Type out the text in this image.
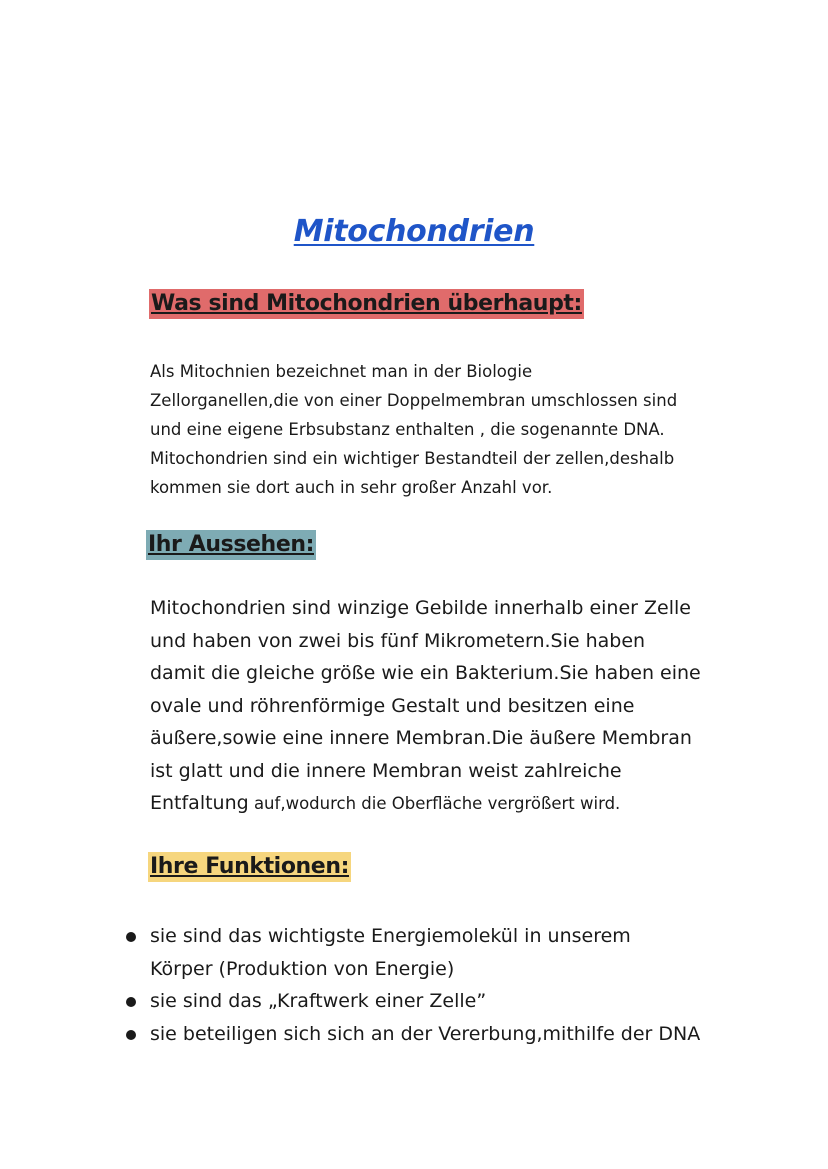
Mitochondrien
Was sind Mitochondrien überhaupt:

Als Mitochnien bezeichnet man in der Biologie
Zellorganellen,die von einer Doppelmembran umschlossen sind
und eine eigene Erbsubstanz enthalten , die sogenannte DNA.
Mitochondrien sind ein wichtiger Bestandteil der zellen,deshalb
kommen sie dort auch in sehr großer Anzahl vor.

Ihr Aussehen:

Mitochondrien sind winzige Gebilde innerhalb einer Zelle
und haben von zwei bis fünf Mikrometern.Sie haben
damit die gleiche größe wie ein Bakterium.Sie haben eine
ovale und röhrenförmige Gestalt und besitzen eine
äußere,sowie eine innere Membran.Die äußere Membran
ist glatt und die innere Membran weist zahlreiche
Entfaltung auf,wodurch die Oberfläche vergrößert wird.

Ihre Funktionen:
sie sind das wichtigste Energiemolekül in unserem
Körper (Produktion von Energie)
sie sind das „Kraftwerk einer Zelle”
sie beteiligen sich sich an der Vererbung,mithilfe der DNA
